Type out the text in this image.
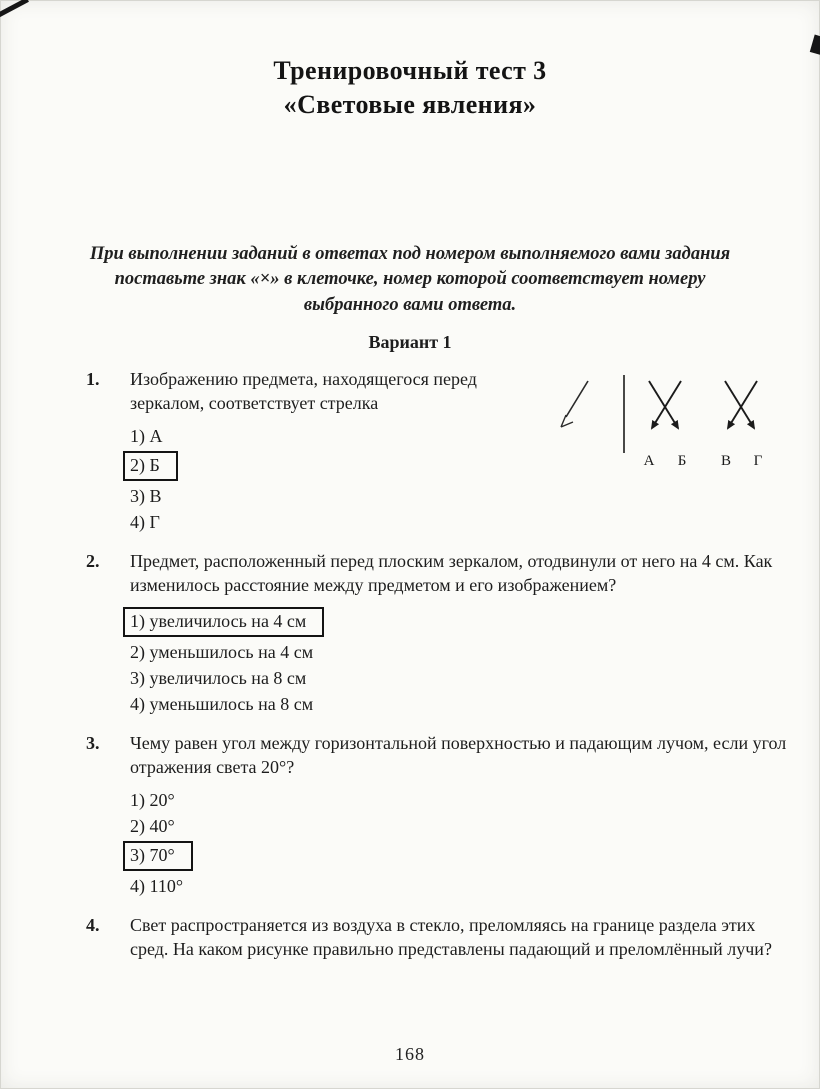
Тренировочный тест 3
«Световые явления»

При выполнении заданий в ответах под номером выполняемого вами задания поставьте знак «×» в клеточке, номер которой соответствует номеру выбранного вами ответа.

Вариант 1
1.	Изображению предмета, находящегося перед зеркалом, соответствует стрелка

1) А
2) Б
3) В
4) Г
А Б В Г
2.	Предмет, расположенный перед плоским зеркалом, отодвинули от него на 4 см. Как изменилось расстояние между предметом и его изображением?

1) увеличилось на 4 см
2) уменьшилось на 4 см
3) увеличилось на 8 см
4) уменьшилось на 8 см
3.	Чему равен угол между горизонтальной поверхностью и падающим лучом, если угол отражения света 20°?

1) 20°
2) 40°
3) 70°
4) 110°
4.	Свет распространяется из воздуха в стекло, преломляясь на границе раздела этих сред. На каком рисунке правильно представлены падающий и преломлённый лучи?

168
